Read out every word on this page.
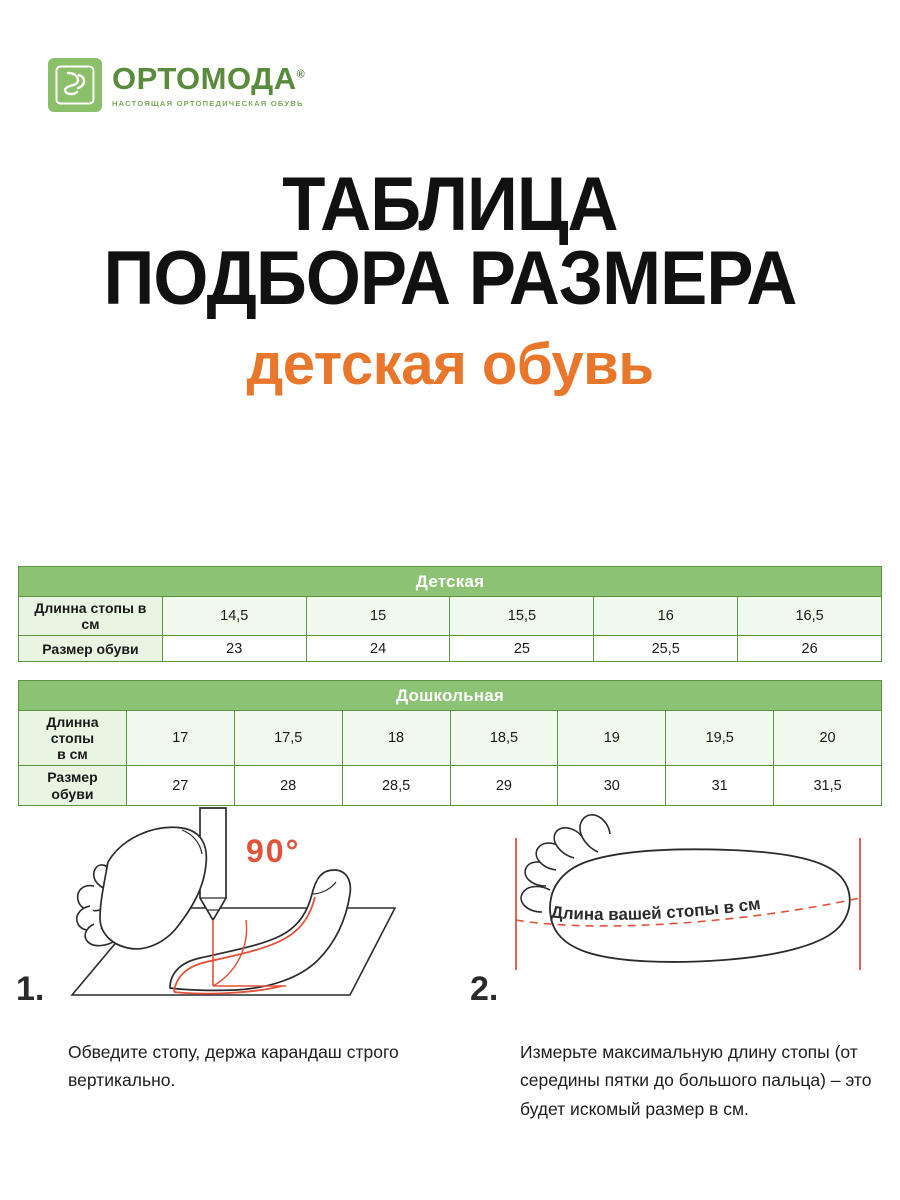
ОРТОМОДА®
НАСТОЯЩАЯ ОРТОПЕДИЧЕСКАЯ ОБУВЬ
ТАБЛИЦА
ПОДБОРА РАЗМЕРА
детская обувь
Детская					
Длинна стопы в см	14,5	15	15,5	16	16,5
Размер обуви	23	24	25	25,5	26
Дошкольная							
Длинна стопы
в см	17	17,5	18	18,5	19	19,5	20
Размер обуви	27	28	28,5	29	30	31	31,5
1.
90°
Обведите стопу, держа карандаш строго вертикально.
2.
Длина вашей стопы в см
Измерьте максимальную длину стопы (от середины пятки до большого пальца) – это будет искомый размер в см.
